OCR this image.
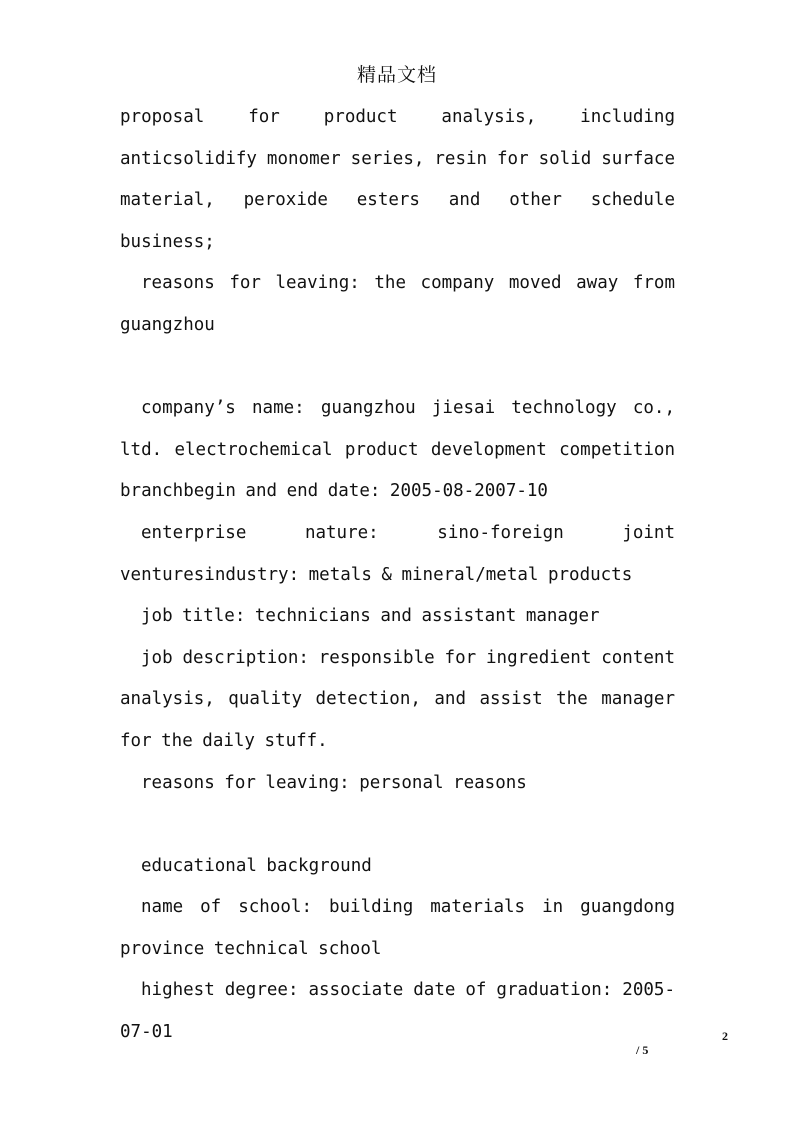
精品文档
proposal for product analysis, including anticsolidify monomer series, resin for solid surface material, peroxide esters and other schedule business;
reasons for leaving: the company moved away from guangzhou
company’s name: guangzhou jiesai technology co., ltd. electrochemical product development competition branchbegin and end date: 2005-08-2007-10
enterprise nature: sino-foreign joint venturesindustry: metals & mineral/metal products
job title: technicians and assistant manager
job description: responsible for ingredient content analysis, quality detection, and assist the manager for the daily stuff.
reasons for leaving: personal reasons
educational background
name of school: building materials in guangdong province technical school
highest degree: associate date of graduation: 2005-07-01	2
/ 5
